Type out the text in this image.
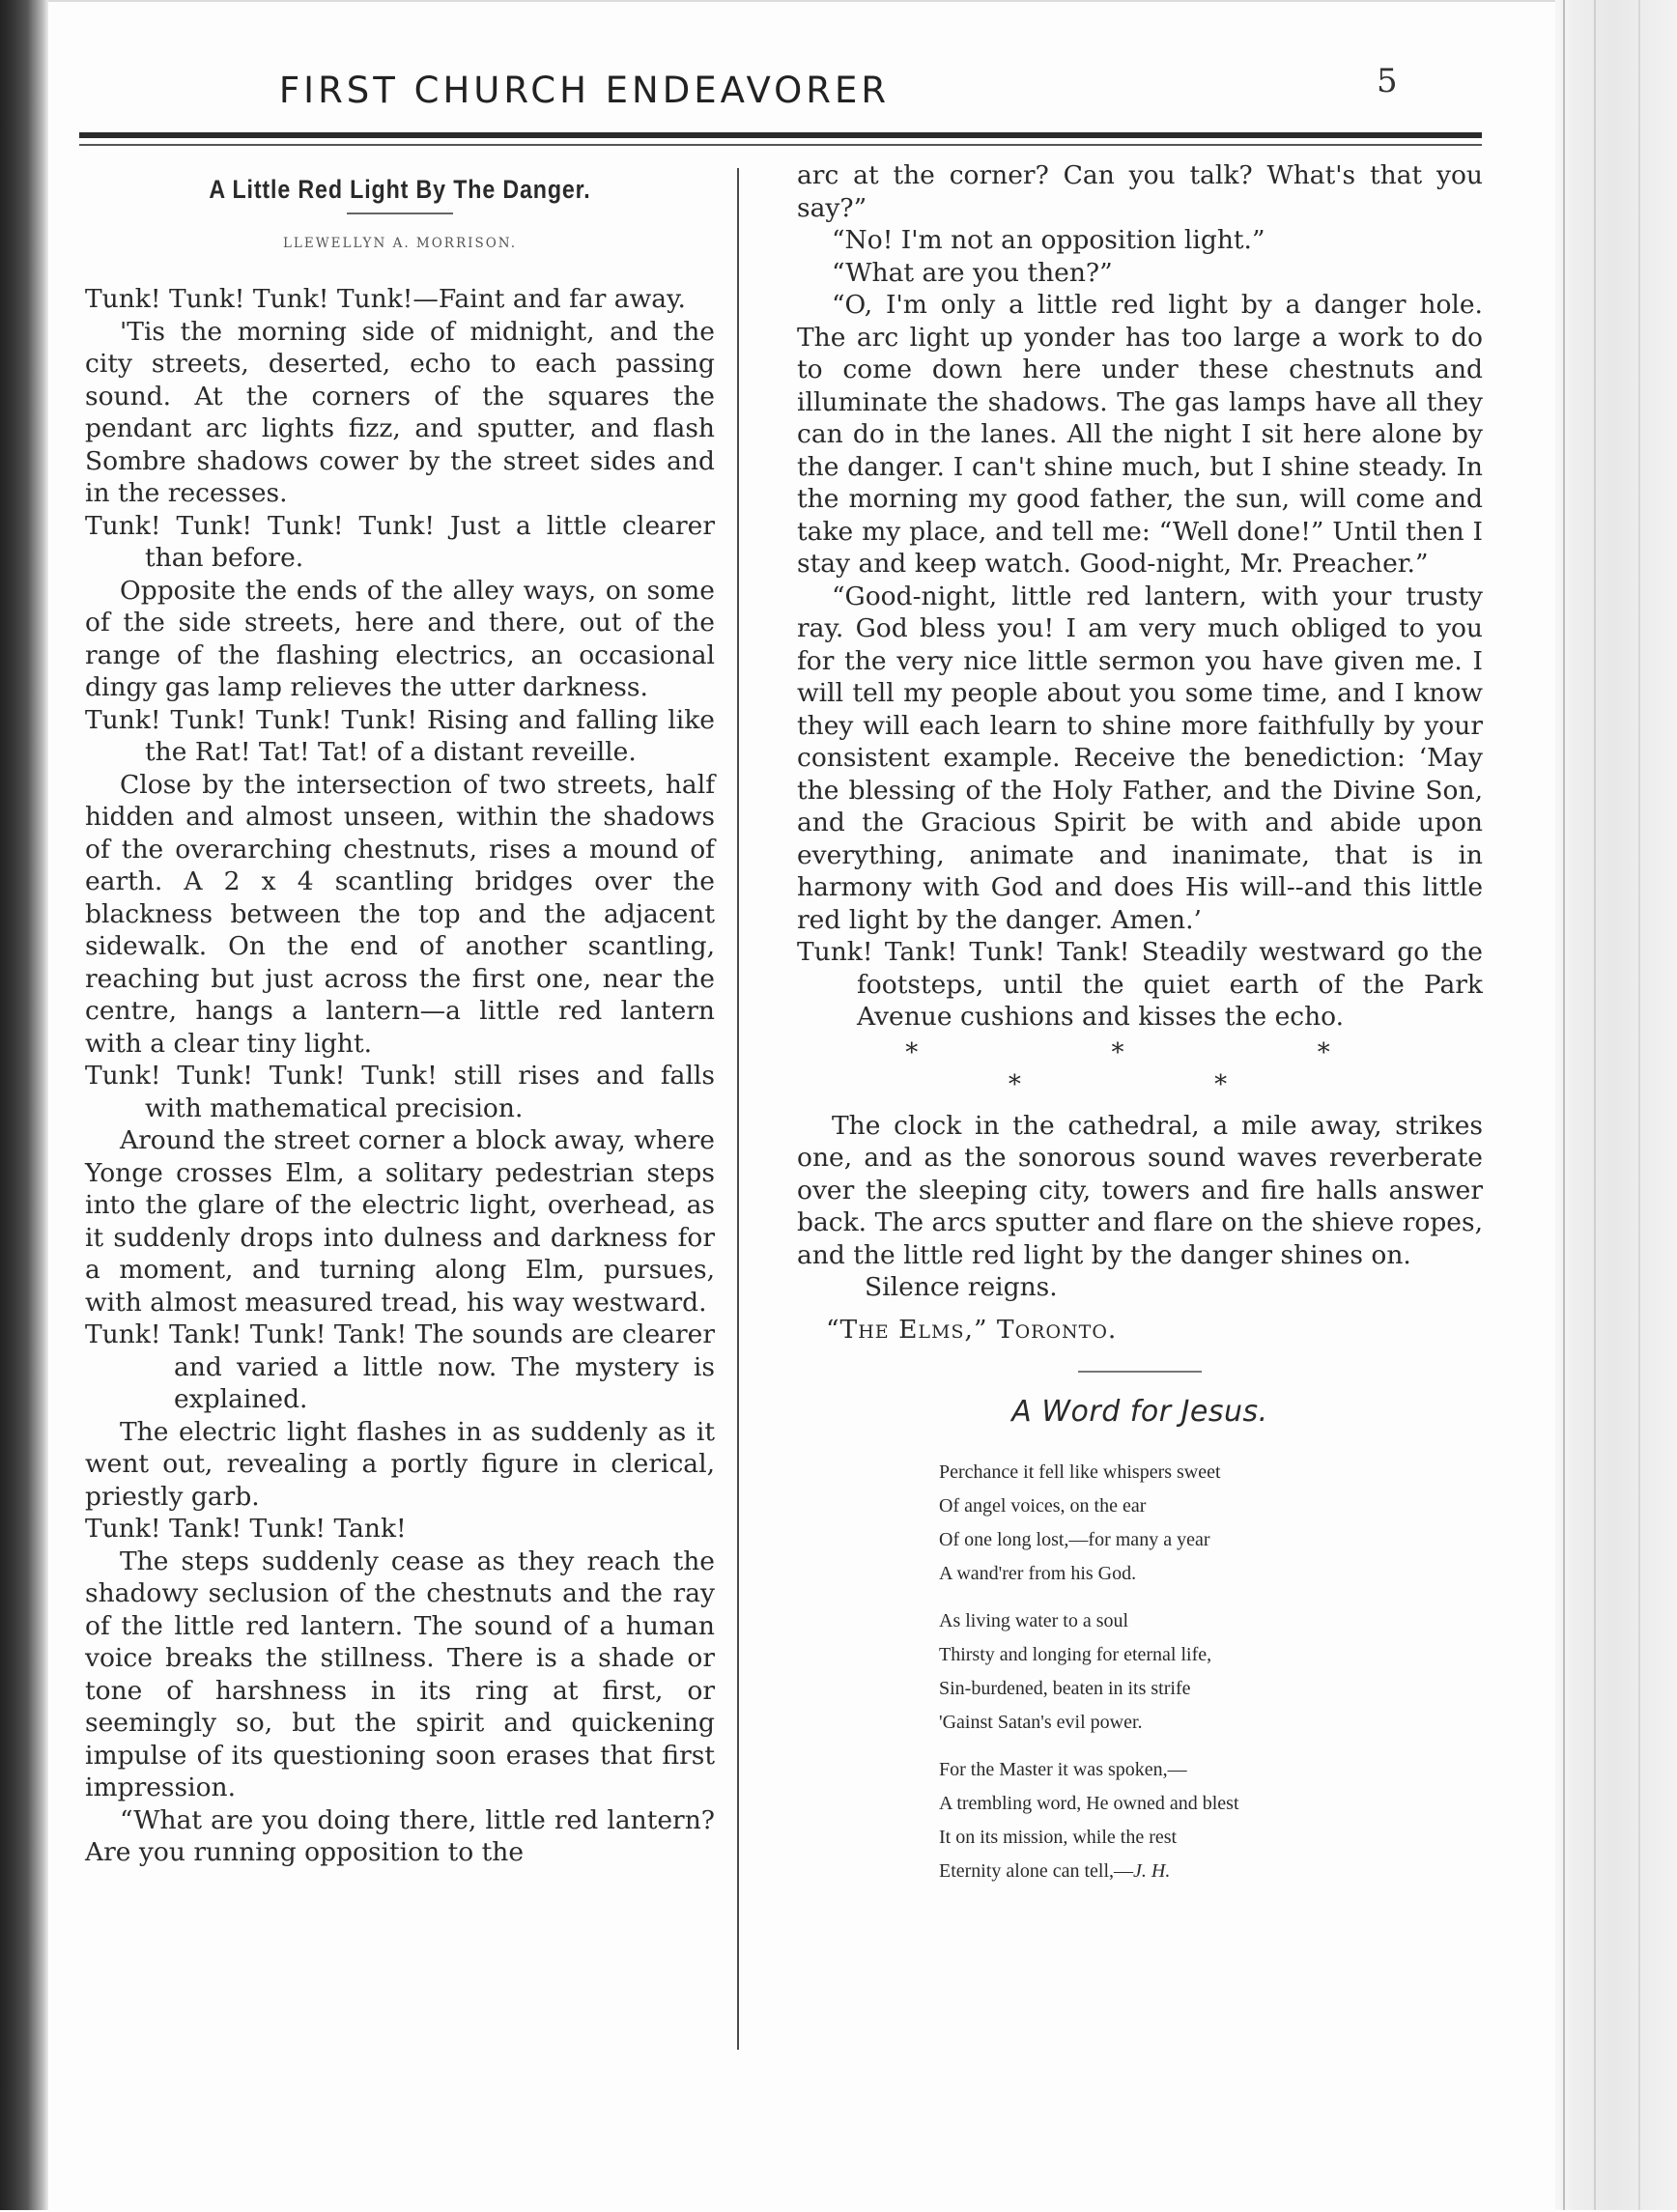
FIRST CHURCH ENDEAVORER	5
A Little Red Light By The Danger.
LLEWELLYN A. MORRISON.

Tunk! Tunk! Tunk! Tunk!—Faint and far away.

'Tis the morning side of midnight, and the city streets, deserted, echo to each passing sound. At the corners of the squares the pendant arc lights fizz, and sputter, and flash Sombre shadows cower by the street sides and in the recesses.

Tunk! Tunk! Tunk! Tunk! Just a little clearer than before.

Opposite the ends of the alley ways, on some of the side streets, here and there, out of the range of the flashing electrics, an occasional dingy gas lamp relieves the utter darkness.

Tunk! Tunk! Tunk! Tunk! Rising and falling like the Rat! Tat! Tat! of a distant reveille.

Close by the intersection of two streets, half hidden and almost unseen, within the shadows of the overarching chestnuts, rises a mound of earth. A 2 x 4 scantling bridges over the blackness between the top and the adjacent sidewalk. On the end of another scantling, reaching but just across the first one, near the centre, hangs a lantern—a little red lantern with a clear tiny light.

Tunk! Tunk! Tunk! Tunk! still rises and falls with mathematical precision.

Around the street corner a block away, where Yonge crosses Elm, a solitary pedestrian steps into the glare of the electric light, overhead, as it suddenly drops into dulness and darkness for a moment, and turning along Elm, pursues, with almost measured tread, his way westward.

Tunk! Tank! Tunk! Tank! The sounds are clearer and varied a little now. The mystery is explained.

The electric light flashes in as suddenly as it went out, revealing a portly figure in clerical, priestly garb.

Tunk! Tank! Tunk! Tank!

The steps suddenly cease as they reach the shadowy seclusion of the chestnuts and the ray of the little red lantern. The sound of a human voice breaks the stillness. There is a shade or tone of harshness in its ring at first, or seemingly so, but the spirit and quickening impulse of its questioning soon erases that first impression.

“What are you doing there, little red lantern? Are you running opposition to the

arc at the corner? Can you talk? What's that you say?”

“No! I'm not an opposition light.”

“What are you then?”

“O, I'm only a little red light by a danger hole. The arc light up yonder has too large a work to do to come down here under these chestnuts and illuminate the shadows. The gas lamps have all they can do in the lanes. All the night I sit here alone by the danger. I can't shine much, but I shine steady. In the morning my good father, the sun, will come and take my place, and tell me: “Well done!” Until then I stay and keep watch. Good-night, Mr. Preacher.”

“Good-night, little red lantern, with your trusty ray. God bless you! I am very much obliged to you for the very nice little sermon you have given me. I will tell my people about you some time, and I know they will each learn to shine more faithfully by your consistent example. Receive the benediction: ‘May the blessing of the Holy Father, and the Divine Son, and the Gracious Spirit be with and abide upon everything, animate and inanimate, that is in harmony with God and does His will--and this little red light by the danger. Amen.’

Tunk! Tank! Tunk! Tank! Steadily westward go the footsteps, until the quiet earth of the Park Avenue cushions and kisses the echo.

* * * * *

The clock in the cathedral, a mile away, strikes one, and as the sonorous sound waves reverberate over the sleeping city, towers and fire halls answer back. The arcs sputter and flare on the shieve ropes, and the little red light by the danger shines on.

Silence reigns.

“The Elms,” Toronto.
A Word for Jesus.
Perchance it fell like whispers sweet
Of angel voices, on the ear
Of one long lost,—for many a year
A wand'rer from his God.
As living water to a soul
Thirsty and longing for eternal life,
Sin-burdened, beaten in its strife
'Gainst Satan's evil power.
For the Master it was spoken,—
A trembling word, He owned and blest
It on its mission, while the rest
Eternity alone can tell,—J. H.
